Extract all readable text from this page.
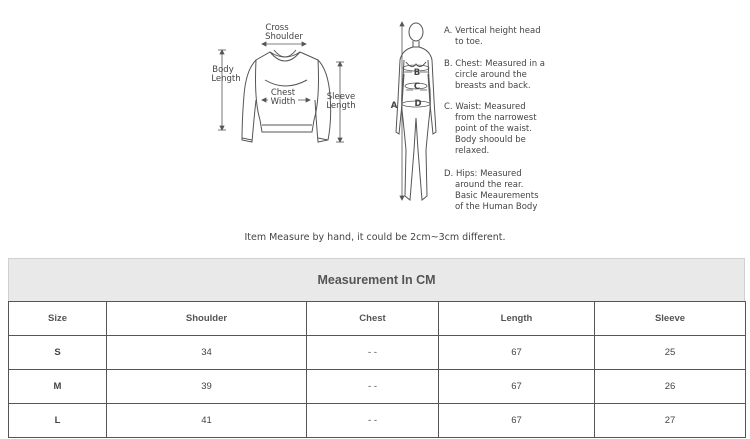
Cross
Shoulder
Body
Length
Chest
Width	Sleeve
Length	A
B
C
D
A. Vertical height head
to toe.
B. Chest: Measured in a
circle around the
breasts and back.
C. Waist: Measured
from the narrowest
point of the waist.
Body shoould be
relaxed.
D. Hips: Measured
around the rear.
Basic Meaurements
of the Human Body
Item Measure by hand, it could be 2cm~3cm different.
Measurement In CM
Size	Shoulder	Chest	Length	Sleeve
S	34	- -	67	25
M	39	- -	67	26
L	41	- -	67	27
